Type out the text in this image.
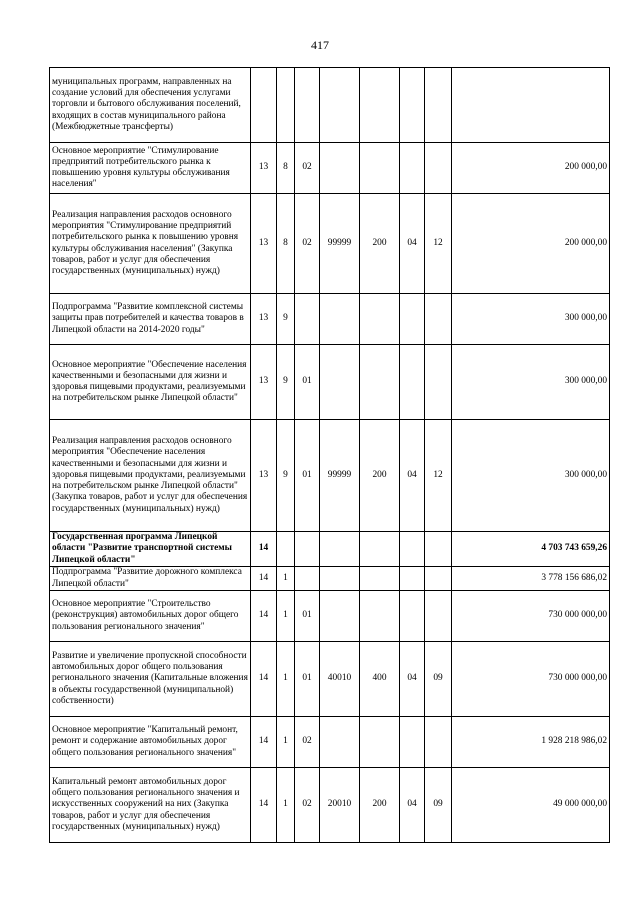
417
муниципальных программ, направленных на создание условий для обеспечения услугами торговли и бытового обслуживания поселений, входящих в состав муниципального района (Межбюджетные трансферты)								
Основное мероприятие "Стимулирование предприятий потребительского рынка к повышению уровня культуры обслуживания населения"	13	8	02					200 000,00
Реализация направления расходов основного мероприятия "Стимулирование предприятий потребительского рынка к повышению уровня культуры обслуживания населения" (Закупка товаров, работ и услуг для обеспечения государственных (муниципальных) нужд)	13	8	02	99999	200	04	12	200 000,00
Подпрограмма "Развитие комплексной системы защиты прав потребителей и качества товаров в Липецкой области на 2014-2020 годы"	13	9						300 000,00
Основное мероприятие "Обеспечение населения качественными и безопасными для жизни и здоровья пищевыми продуктами, реализуемыми на потребительском рынке Липецкой области"	13	9	01					300 000,00
Реализация направления расходов основного мероприятия "Обеспечение населения качественными и безопасными для жизни и здоровья пищевыми продуктами, реализуемыми на потребительском рынке Липецкой области" (Закупка товаров, работ и услуг для обеспечения государственных (муниципальных) нужд)	13	9	01	99999	200	04	12	300 000,00
Государственная программа Липецкой области "Развитие транспортной системы Липецкой области"	14							4 703 743 659,26
Подпрограмма "Развитие дорожного комплекса Липецкой области"	14	1						3 778 156 686,02
Основное мероприятие "Строительство (реконструкция) автомобильных дорог общего пользования регионального значения"	14	1	01					730 000 000,00
Развитие и увеличение пропускной способности автомобильных дорог общего пользования регионального значения (Капитальные вложения в объекты государственной (муниципальной) собственности)	14	1	01	40010	400	04	09	730 000 000,00
Основное мероприятие "Капитальный ремонт, ремонт и содержание автомобильных дорог общего пользования регионального значения"	14	1	02					1 928 218 986,02
Капитальный ремонт автомобильных дорог общего пользования регионального значения и искусственных сооружений на них (Закупка товаров, работ и услуг для обеспечения государственных (муниципальных) нужд)	14	1	02	20010	200	04	09	49 000 000,00
